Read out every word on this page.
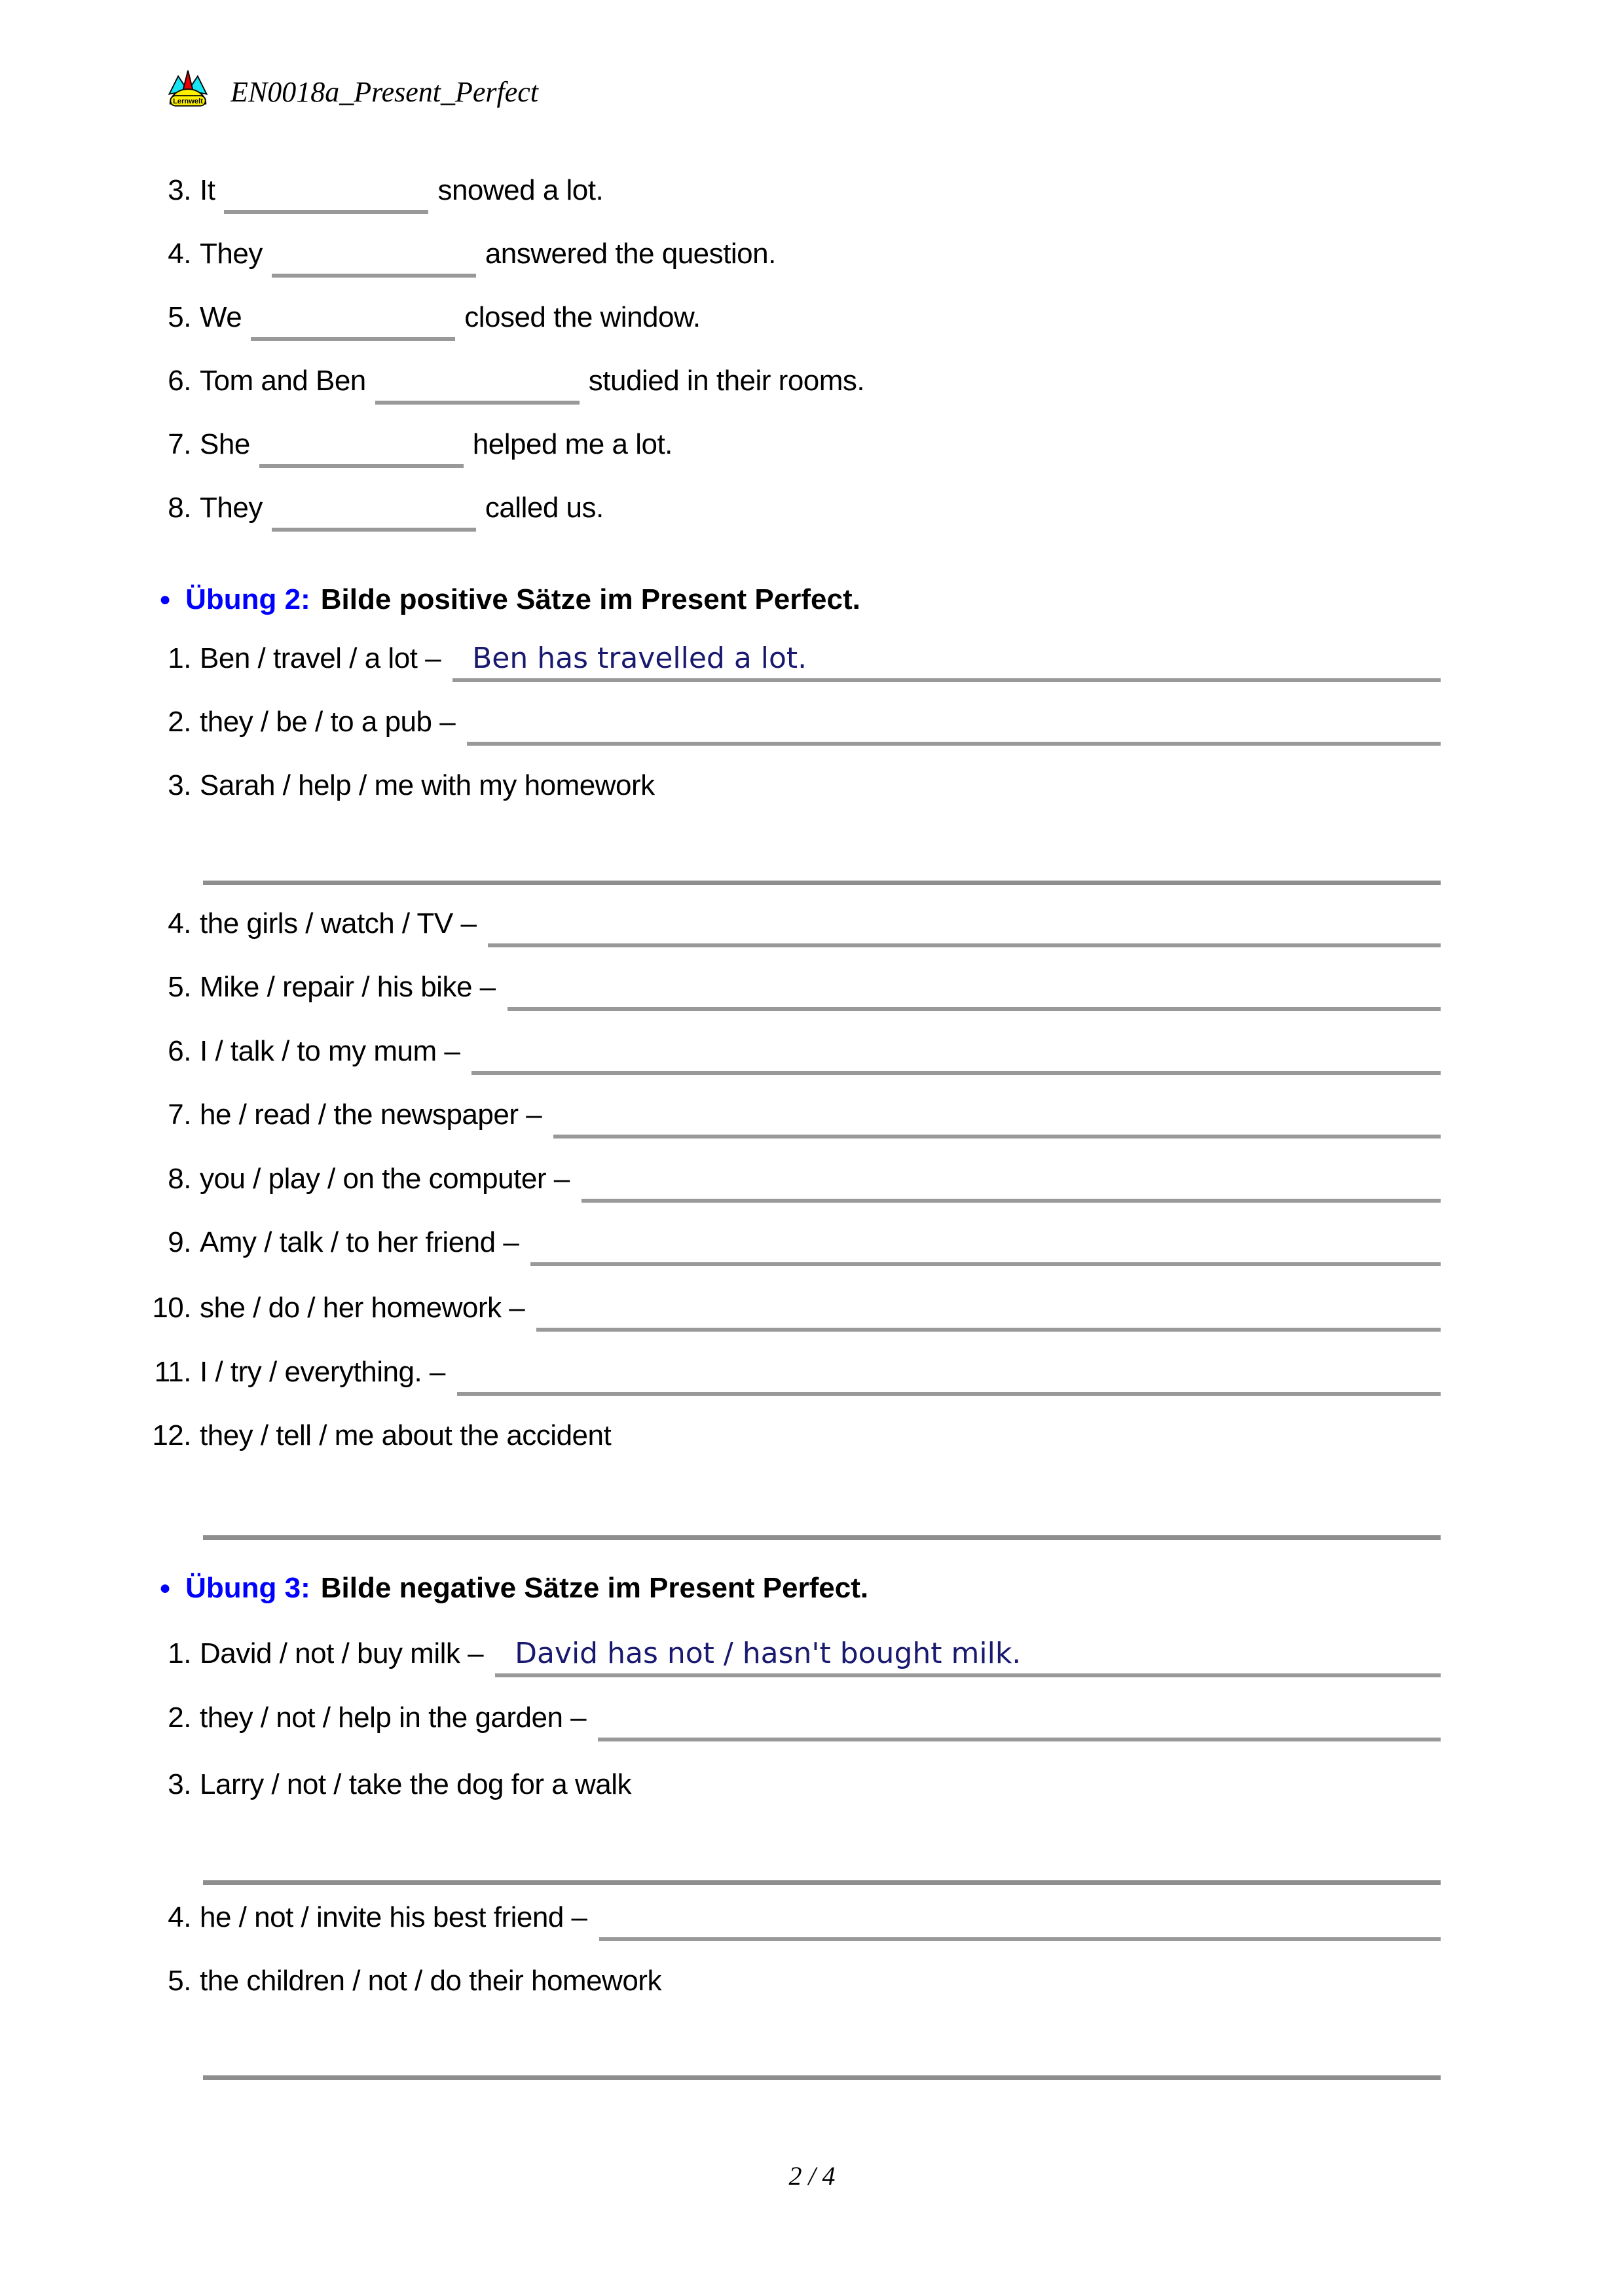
Lernwelt EN0018a_Present_Perfect
3. It	snowed a lot.
4. They	answered the question.
5. We	closed the window.
6. Tom and Ben	studied in their rooms.
7. She	helped me a lot.
8. They	called us.
● Übung 2: Bilde positive Sätze im Present Perfect.
1. Ben / travel / a lot –	Ben has travelled a lot.
2. they / be / to a pub –
3. Sarah / help / me with my homework
4. the girls / watch / TV –
5. Mike / repair / his bike –
6. I / talk / to my mum –
7. he / read / the newspaper –
8. you / play / on the computer –
9. Amy / talk / to her friend –
10. she / do / her homework –
11. I / try / everything. –
12. they / tell / me about the accident
● Übung 3: Bilde negative Sätze im Present Perfect.
1. David / not / buy milk –	David has not / hasn't bought milk.
2. they / not / help in the garden –
3. Larry / not / take the dog for a walk
4. he / not / invite his best friend –
5. the children / not / do their homework
2 / 4
